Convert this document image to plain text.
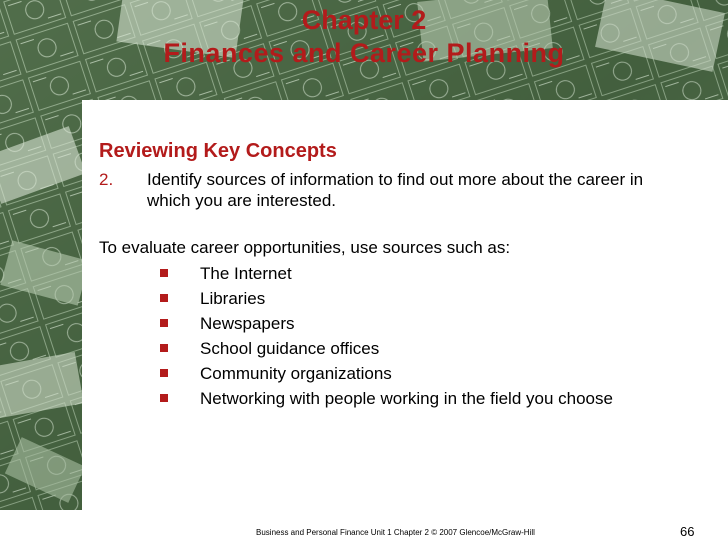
Chapter 2
Finances and Career Planning
Reviewing Key Concepts
2. Identify sources of information to find out more about the career in which you are interested.
To evaluate career opportunities, use sources such as:
The Internet
Libraries
Newspapers
School guidance offices
Community organizations
Networking with people working in the field you choose
Business and Personal Finance Unit 1 Chapter 2 © 2007 Glencoe/McGraw-Hill	66
